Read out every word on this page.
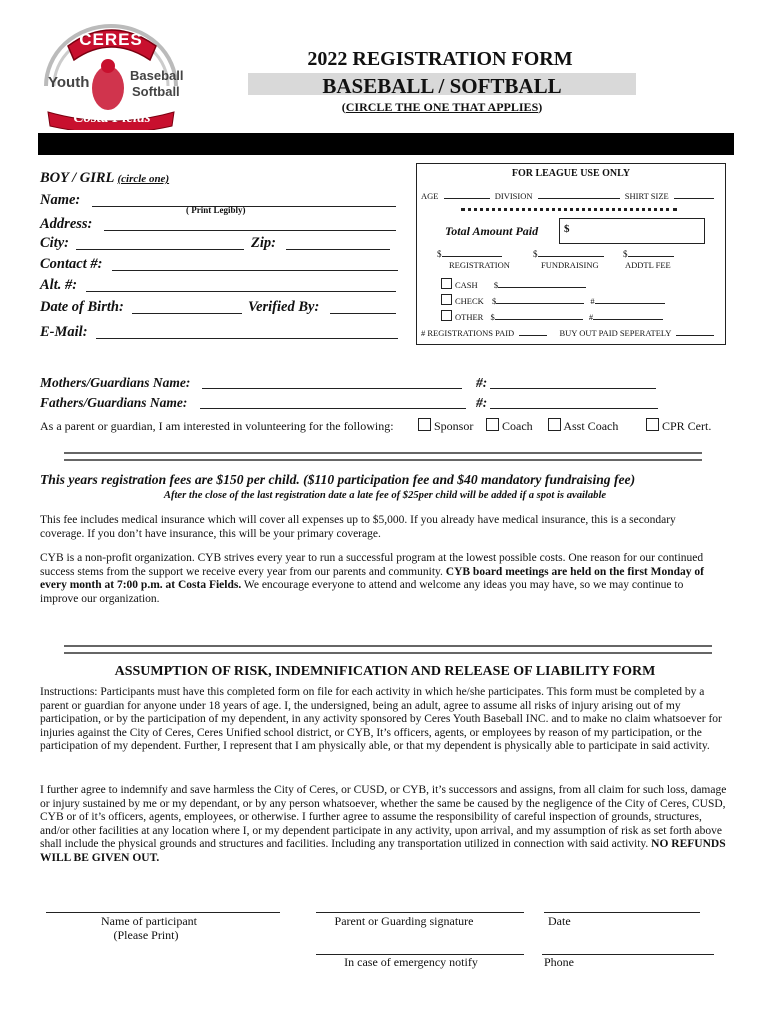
CERES
Youth	Baseball
Softball
Costa Fields
2022 REGISTRATION FORM
BASEBALL / SOFTBALL
(CIRCLE THE ONE THAT APPLIES)
BOY / GIRL (circle one)
Name:
( Print Legibly)
Address:
City:	Zip:
Contact #:
Alt. #:
Date of Birth:	Verified By:
E-Mail:
FOR LEAGUE USE ONLY
AGE	DIVISION	SHIRT SIZE
Total Amount Paid $
$	$	$
REGISTRATION	FUNDRAISING	ADDTL FEE
CASH $
CHECK $	#
OTHER $	#
# REGISTRATIONS PAID	BUY OUT PAID SEPERATELY
Mothers/Guardians Name:	#:
Fathers/Guardians Name:	#:
As a parent or guardian, I am interested in volunteering for the following:	Sponsor	Coach	Asst Coach	CPR Cert.
This years registration fees are $150 per child. ($110 participation fee and $40 mandatory fundraising fee)
After the close of the last registration date a late fee of $25per child will be added if a spot is available
This fee includes medical insurance which will cover all expenses up to $5,000. If you already have medical insurance, this is a secondary coverage. If you don’t have insurance, this will be your primary coverage.
CYB is a non-profit organization. CYB strives every year to run a successful program at the lowest possible costs. One reason for our continued success stems from the support we receive every year from our parents and community. CYB board meetings are held on the first Monday of every month at 7:00 p.m. at Costa Fields. We encourage everyone to attend and welcome any ideas you may have, so we may continue to improve our organization.
ASSUMPTION OF RISK, INDEMNIFICATION AND RELEASE OF LIABILITY FORM
Instructions: Participants must have this completed form on file for each activity in which he/she participates. This form must be completed by a parent or guardian for anyone under 18 years of age. I, the undersigned, being an adult, agree to assume all risks of injury arising out of my participation, or by the participation of my dependent, in any activity sponsored by Ceres Youth Baseball INC. and to make no claim whatsoever for injuries against the City of Ceres, Ceres Unified school district, or CYB, It’s officers, agents, or employees by reason of my participation, or the participation of my dependent. Further, I represent that I am physically able, or that my dependent is physically able to participate in said activity.
I further agree to indemnify and save harmless the City of Ceres, or CUSD, or CYB, it’s successors and assigns, from all claim for such loss, damage or injury sustained by me or my dependant, or by any person whatsoever, whether the same be caused by the negligence of the City of Ceres, CUSD, CYB or of it’s officers, agents, employees, or otherwise. I further agree to assume the responsibility of careful inspection of grounds, structures, and/or other facilities at any location where I, or my dependent participate in any activity, upon arrival, and my assumption of risk as set forth above shall include the physical grounds and structures and facilities. Including any transportation utilized in connection with said activity. NO REFUNDS WILL BE GIVEN OUT.
Name of participant
(Please Print)
Parent or Guarding signature	Date
In case of emergency notify	Phone
